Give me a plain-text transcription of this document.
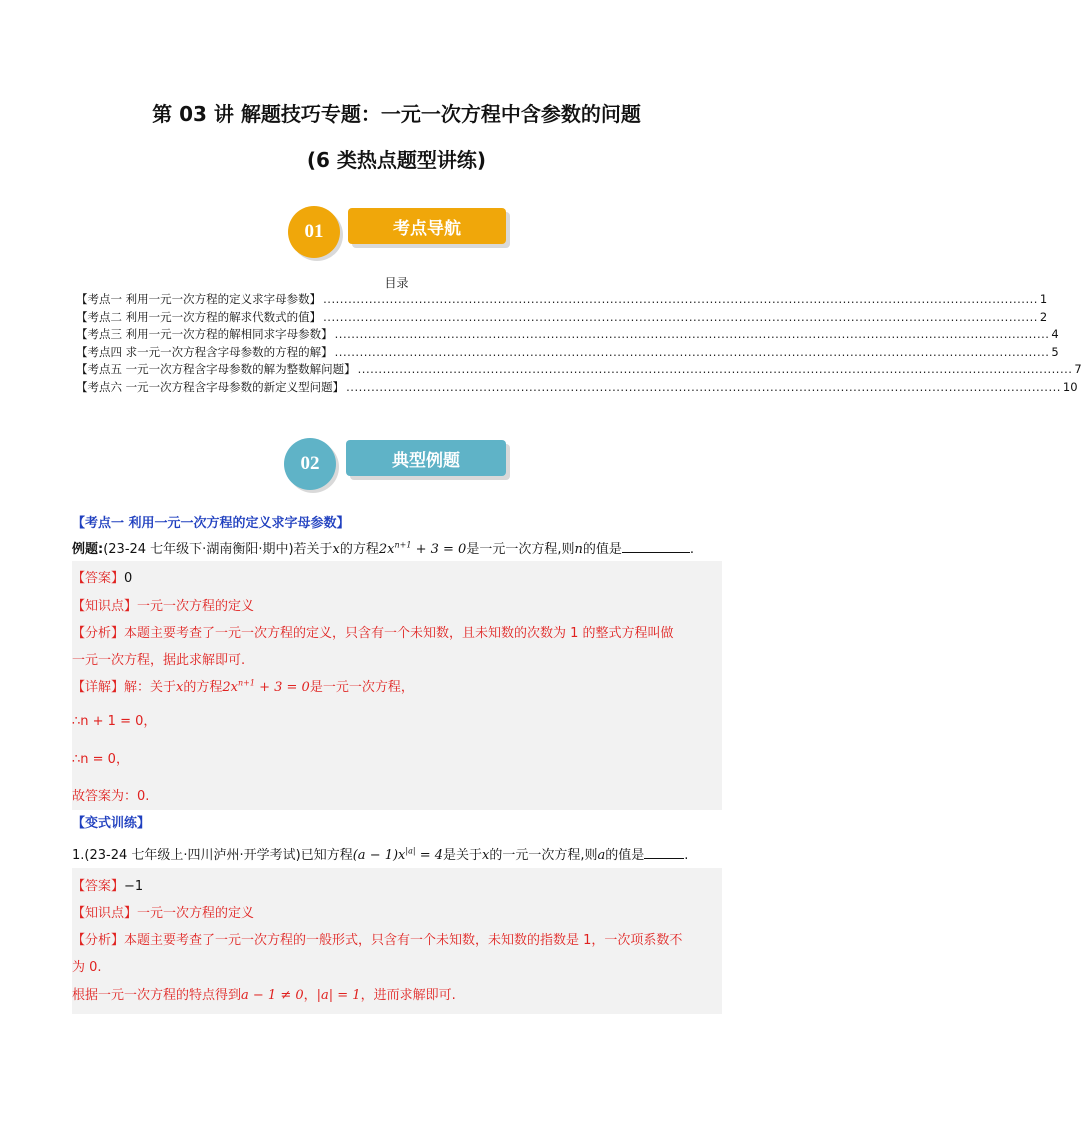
第 03 讲 解题技巧专题：一元一次方程中含参数的问题
(6 类热点题型讲练)
01	考点导航
目录
【考点一 利用一元一次方程的定义求字母参数】 ............................................................................................................................................................................ 1
【考点二 利用一元一次方程的解求代数式的值】 ............................................................................................................................................................................ 2
【考点三 利用一元一次方程的解相同求字母参数】 ............................................................................................................................................................................ 4
【考点四 求一元一次方程含字母参数的方程的解】 ............................................................................................................................................................................ 5
【考点五 一元一次方程含字母参数的解为整数解问题】 ............................................................................................................................................................................ 7
【考点六 一元一次方程含字母参数的新定义型问题】 ............................................................................................................................................................................ 10
02	典型例题
【考点一 利用一元一次方程的定义求字母参数】
例题:(23-24 七年级下·湖南衡阳·期中)若关于x的方程$2x^{n+1} + 3 = 0$是一元一次方程,则n的值是	.
【答案】0
【知识点】一元一次方程的定义
【分析】本题主要考查了一元一次方程的定义，只含有一个未知数，且未知数的次数为 1 的整式方程叫做
一元一次方程，据此求解即可.
【详解】解：关于x的方程$2x^{n+1} + 3 = 0$是一元一次方程，
∴n + 1 = 0，
∴n = 0，
故答案为：0.
【变式训练】
1.(23-24 七年级上·四川泸州·开学考试)已知方程$(a - 1)x^{|a|} = 4$是关于x的一元一次方程,则a的值是	.
【答案】−1
【知识点】一元一次方程的定义
【分析】本题主要考查了一元一次方程的一般形式，只含有一个未知数，未知数的指数是 1，一次项系数不
为 0.
根据一元一次方程的特点得到a − 1 ≠ 0，|a| = 1，进而求解即可.
